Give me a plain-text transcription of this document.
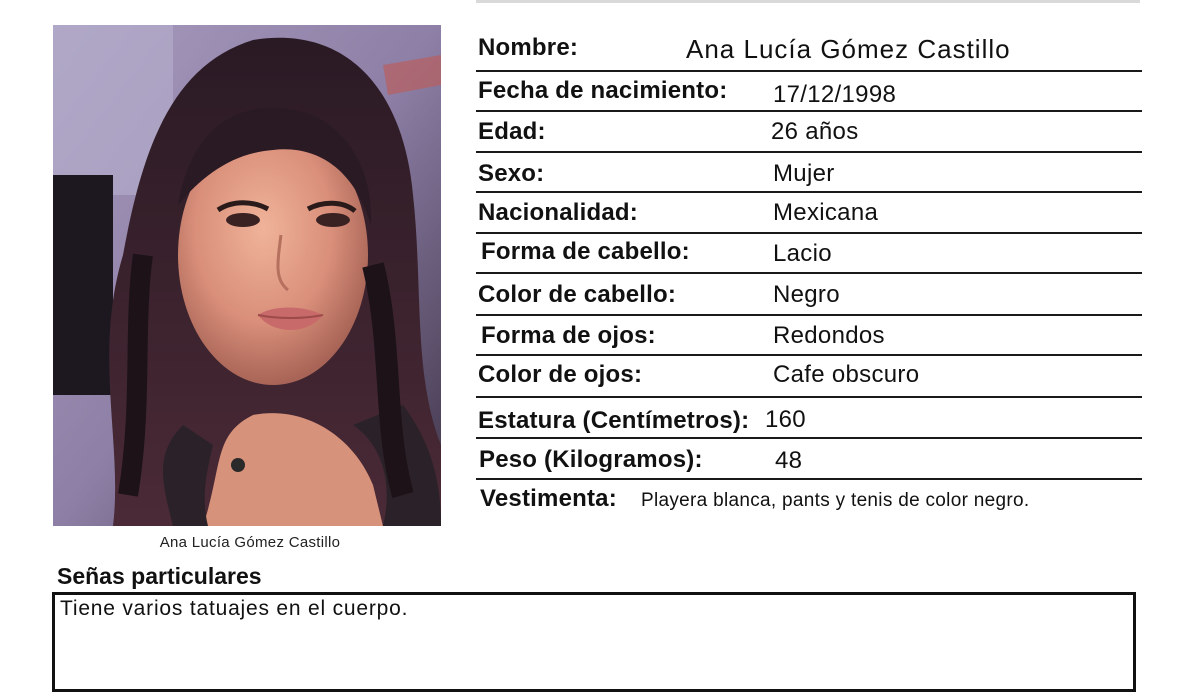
Ana Lucía Gómez Castillo
Nombre:	Ana Lucía Gómez Castillo
Fecha de nacimiento: 17/12/1998
Edad:	26 años
Sexo:	Mujer
Nacionalidad:	Mexicana
Forma de cabello:	Lacio
Color de cabello:	Negro
Forma de ojos:	Redondos
Color de ojos:	Cafe obscuro
Estatura (Centímetros): 160
Peso (Kilogramos):	48
Vestimenta: Playera blanca, pants y tenis de color negro.
Señas particulares
Tiene varios tatuajes en el cuerpo.
